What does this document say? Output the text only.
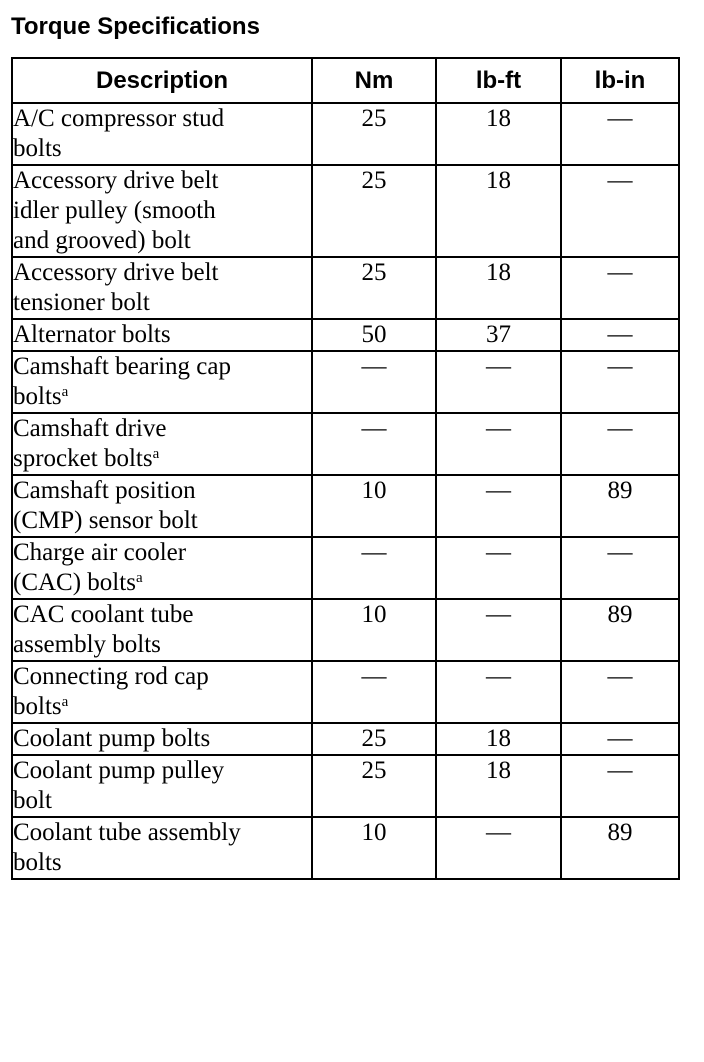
Torque Specifications
Description	Nm	lb-ft	lb-in
A/C compressor stud
bolts	25	18	—
Accessory drive belt
idler pulley (smooth
and grooved) bolt	25	18	—
Accessory drive belt
tensioner bolt	25	18	—
Alternator bolts	50	37	—
Camshaft bearing cap
bolts$^a$	—	—	—
Camshaft drive
sprocket bolts$^a$	—	—	—
Camshaft position
(CMP) sensor bolt	10	—	89
Charge air cooler
(CAC) bolts$^a$	—	—	—
CAC coolant tube
assembly bolts	10	—	89
Connecting rod cap
bolts$^a$	—	—	—
Coolant pump bolts	25	18	—
Coolant pump pulley
bolt	25	18	—
Coolant tube assembly
bolts	10	—	89
